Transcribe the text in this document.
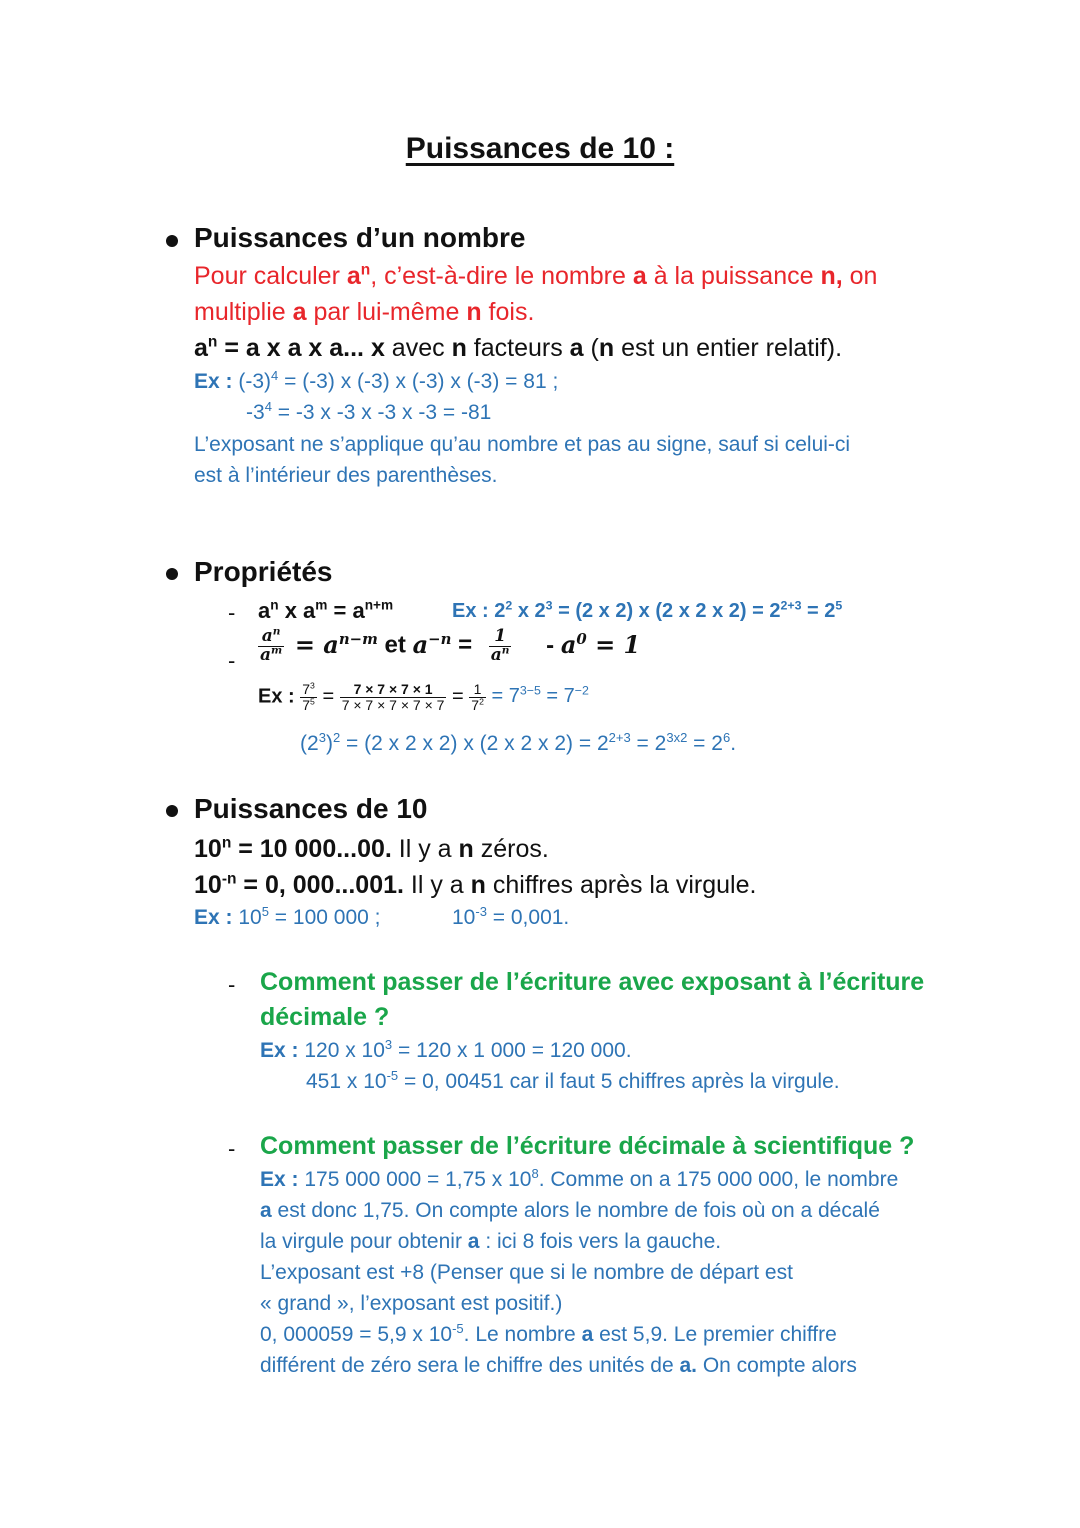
Puissances de 10 :
Puissances d’un nombre
Pour calculer $a^n$, c’est-à-dire le nombre a à la puissance n, on
multiplie a par lui-même n fois.
$a^n = a$ x a x a... x avec n facteurs a (n est un entier relatif).
Ex : $(-3)^4 = (-3)$ x (-3) x (-3) x (-3) = 81 ;
$-3^4 = -3$ x -3 x -3 x -3 = -81
L’exposant ne s’applique qu’au nombre et pas au signe, sauf si celui-ci
est à l’intérieur des parenthèses.
Propriétés
- $a^n$ x $a^m = a^{n+m}$	Ex : $2^2$ x $2^3 = (2$ x 2) x (2 x 2 x $2) = 2^{2+3} = 2^5$
- $\frac{a^n}{a^m} = a^{n-m}$ et $a^{-n} = \frac{1}{a^n} - a^0 = 1$
Ex : $\frac{7^3}{7^5} = \frac{7 \times 7 \times 7 \times 1}{7 \times 7 \times 7 \times 7 \times 7} = \frac{1}{7^2} = 7^{3-5} = 7^{-2}$
$(2^3)^2 = (2$ x 2 x 2) x (2 x 2 x $2) = 2^{2+3} = 2^{3x2} = 2^6$.
Puissances de 10
$10^n = 10$ 000...00. Il y a n zéros.
$10^{-n} = 0$, 000...001. Il y a n chiffres après la virgule.
Ex : $10^5 = 100$ 000 ;	$10^{-3} = 0,001$.
- Comment passer de l’écriture avec exposant à l’écriture
décimale ?
Ex : 120 x $10^3 = 120$ x 1 000 = 120 000.
451 x $10^{-5} = 0$, 00451 car il faut 5 chiffres après la virgule.
- Comment passer de l’écriture décimale à scientifique ?
Ex : 175 000 000 = 1,75 x $10^8$. Comme on a 175 000 000, le nombre
a est donc 1,75. On compte alors le nombre de fois où on a décalé
la virgule pour obtenir a : ici 8 fois vers la gauche.
L’exposant est +8 (Penser que si le nombre de départ est
« grand », l’exposant est positif.)
0, 000059 = 5,9 x $10^{-5}$. Le nombre a est 5,9. Le premier chiffre
différent de zéro sera le chiffre des unités de a. On compte alors
